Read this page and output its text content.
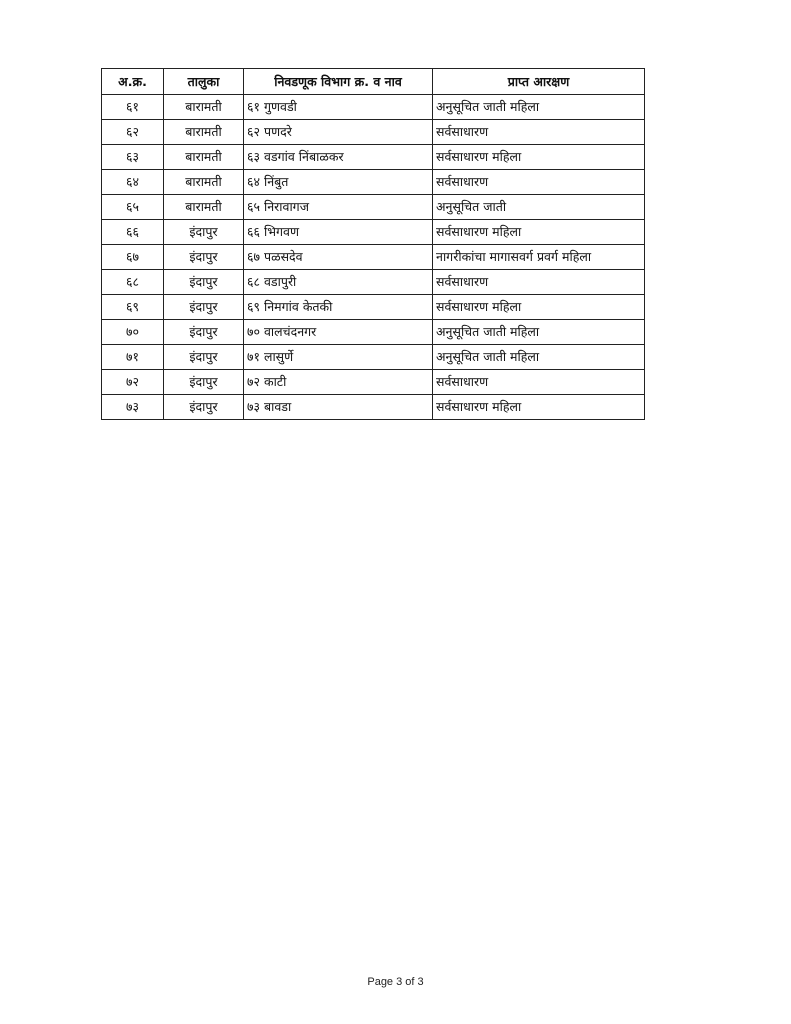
अ.क्र.	तालुका	निवडणूक विभाग क्र. व नाव	प्राप्त आरक्षण
६१	बारामती	६१ गुणवडी	अनुसूचित जाती महिला
६२	बारामती	६२ पणदरे	सर्वसाधारण
६३	बारामती	६३ वडगांव निंबाळकर	सर्वसाधारण महिला
६४	बारामती	६४ निंबुत	सर्वसाधारण
६५	बारामती	६५ निरावागज	अनुसूचित जाती
६६	इंदापुर	६६ भिगवण	सर्वसाधारण महिला
६७	इंदापुर	६७ पळसदेव	नागरीकांचा मागासवर्ग प्रवर्ग महिला
६८	इंदापुर	६८ वडापुरी	सर्वसाधारण
६९	इंदापुर	६९ निमगांव केतकी	सर्वसाधारण महिला
७०	इंदापुर	७० वालचंदनगर	अनुसूचित जाती महिला
७१	इंदापुर	७१ लासुर्णे	अनुसूचित जाती महिला
७२	इंदापुर	७२ काटी	सर्वसाधारण
७३	इंदापुर	७३ बावडा	सर्वसाधारण महिला
Page 3 of 3
